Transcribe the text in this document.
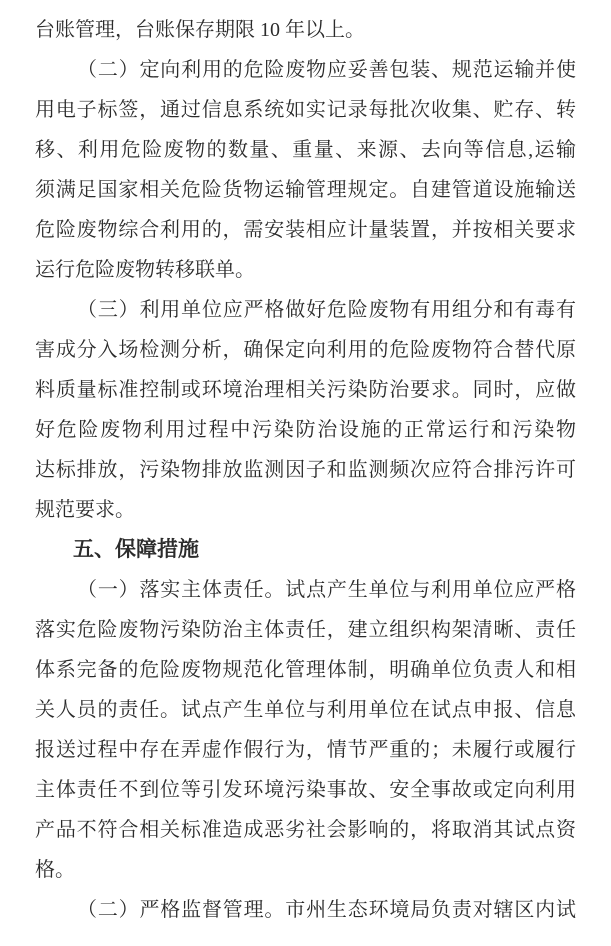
台账管理，台账保存期限 10 年以上。
（二）定向利用的危险废物应妥善包装、规范运输并使
用电子标签，通过信息系统如实记录每批次收集、贮存、转
移、利用危险废物的数量、重量、来源、去向等信息,运输
须满足国家相关危险货物运输管理规定。自建管道设施输送
危险废物综合利用的，需安装相应计量装置，并按相关要求
运行危险废物转移联单。
（三）利用单位应严格做好危险废物有用组分和有毒有
害成分入场检测分析，确保定向利用的危险废物符合替代原
料质量标准控制或环境治理相关污染防治要求。同时，应做
好危险废物利用过程中污染防治设施的正常运行和污染物
达标排放，污染物排放监测因子和监测频次应符合排污许可
规范要求。
五、保障措施
（一）落实主体责任。试点产生单位与利用单位应严格
落实危险废物污染防治主体责任，建立组织构架清晰、责任
体系完备的危险废物规范化管理体制，明确单位负责人和相
关人员的责任。试点产生单位与利用单位在试点申报、信息
报送过程中存在弄虚作假行为，情节严重的；未履行或履行
主体责任不到位等引发环境污染事故、安全事故或定向利用
产品不符合相关标准造成恶劣社会影响的，将取消其试点资
格。
（二）严格监督管理。市州生态环境局负责对辖区内试
